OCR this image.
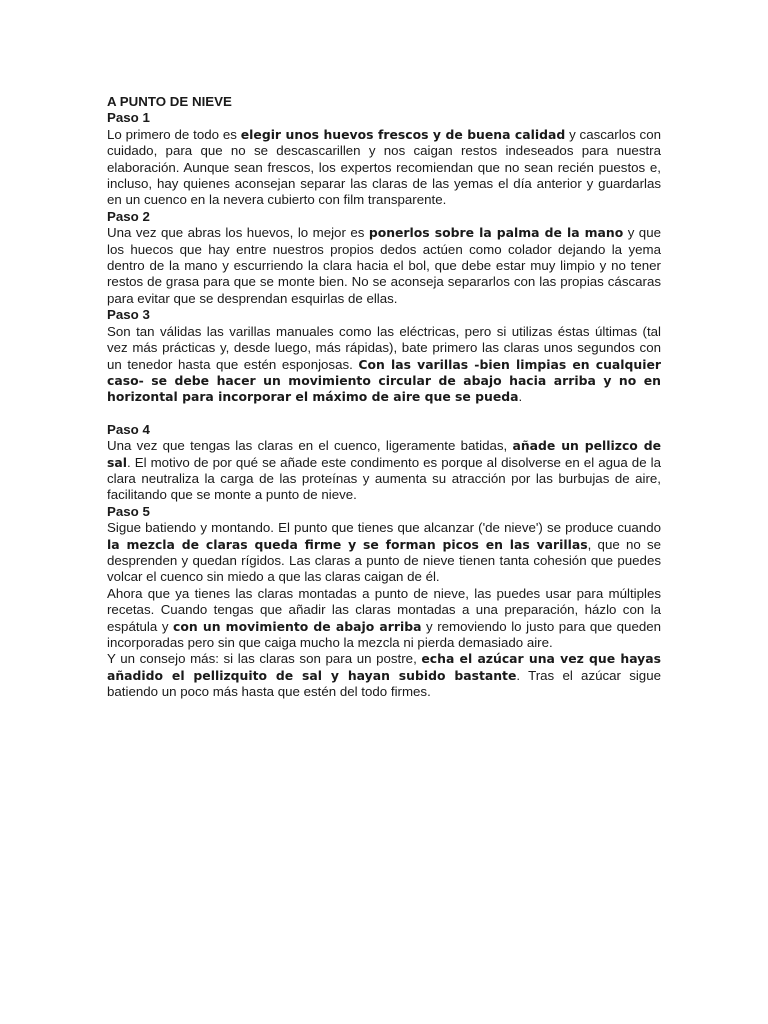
A PUNTO DE NIEVE
Paso 1

Lo primero de todo es elegir unos huevos frescos y de buena calidad y cascarlos con cuidado, para que no se descascarillen y nos caigan restos indeseados para nuestra elaboración. Aunque sean frescos, los expertos recomiendan que no sean recién puestos e, incluso, hay quienes aconsejan separar las claras de las yemas el día anterior y guardarlas en un cuenco en la nevera cubierto con film transparente.

Paso 2

Una vez que abras los huevos, lo mejor es ponerlos sobre la palma de la mano y que los huecos que hay entre nuestros propios dedos actúen como colador dejando la yema dentro de la mano y escurriendo la clara hacia el bol, que debe estar muy limpio y no tener restos de grasa para que se monte bien. No se aconseja separarlos con las propias cáscaras para evitar que se desprendan esquirlas de ellas.

Paso 3

Son tan válidas las varillas manuales como las eléctricas, pero si utilizas éstas últimas (tal vez más prácticas y, desde luego, más rápidas), bate primero las claras unos segundos con un tenedor hasta que estén esponjosas. Con las varillas -bien limpias en cualquier caso- se debe hacer un movimiento circular de abajo hacia arriba y no en horizontal para incorporar el máximo de aire que se pueda.

Paso 4

Una vez que tengas las claras en el cuenco, ligeramente batidas, añade un pellizco de sal. El motivo de por qué se añade este condimento es porque al disolverse en el agua de la clara neutraliza la carga de las proteínas y aumenta su atracción por las burbujas de aire, facilitando que se monte a punto de nieve.

Paso 5

Sigue batiendo y montando. El punto que tienes que alcanzar ('de nieve') se produce cuando la mezcla de claras queda firme y se forman picos en las varillas, que no se desprenden y quedan rígidos. Las claras a punto de nieve tienen tanta cohesión que puedes volcar el cuenco sin miedo a que las claras caigan de él.

Ahora que ya tienes las claras montadas a punto de nieve, las puedes usar para múltiples recetas. Cuando tengas que añadir las claras montadas a una preparación, házlo con la espátula y con un movimiento de abajo arriba y removiendo lo justo para que queden incorporadas pero sin que caiga mucho la mezcla ni pierda demasiado aire.

Y un consejo más: si las claras son para un postre, echa el azúcar una vez que hayas añadido el pellizquito de sal y hayan subido bastante. Tras el azúcar sigue batiendo un poco más hasta que estén del todo firmes.
